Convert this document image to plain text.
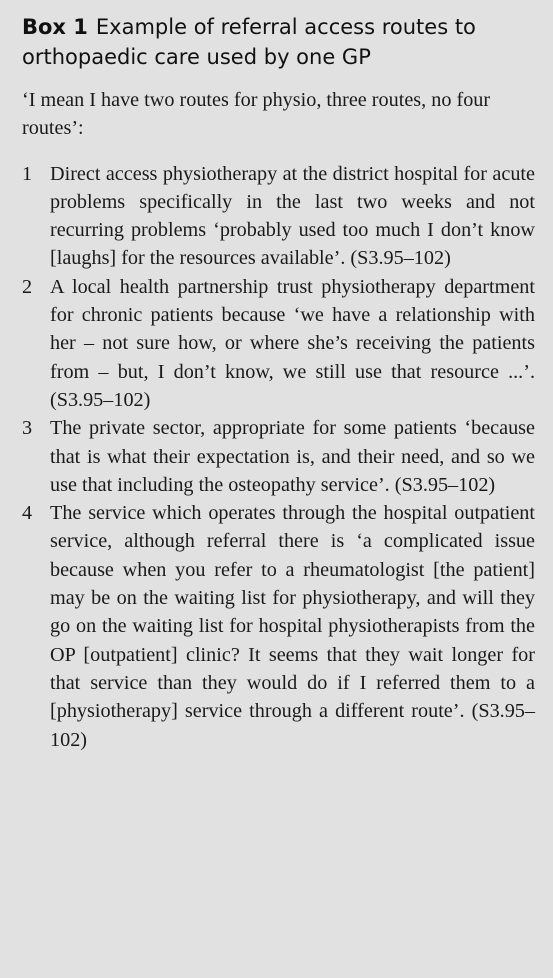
Box 1 Example of referral access routes to orthopaedic care used by one GP

‘I mean I have two routes for physio, three routes, no four routes’:

1 Direct access physiotherapy at the district hospital for acute problems specifically in the last two weeks and not recurring problems ‘probably used too much I don’t know [laughs] for the resources available’. (S3.95–102)
2 A local health partnership trust physiotherapy department for chronic patients because ‘we have a relationship with her – not sure how, or where she’s receiving the patients from – but, I don’t know, we still use that resource ...’. (S3.95–102)
3 The private sector, appropriate for some patients ‘because that is what their expectation is, and their need, and so we use that including the osteopathy service’. (S3.95–102)
4 The service which operates through the hospital outpatient service, although referral there is ‘a complicated issue because when you refer to a rheumatologist [the patient] may be on the waiting list for physiotherapy, and will they go on the waiting list for hospital physiotherapists from the OP [outpatient] clinic? It seems that they wait longer for that service than they would do if I referred them to a [physiotherapy] service through a different route’. (S3.95–102)
